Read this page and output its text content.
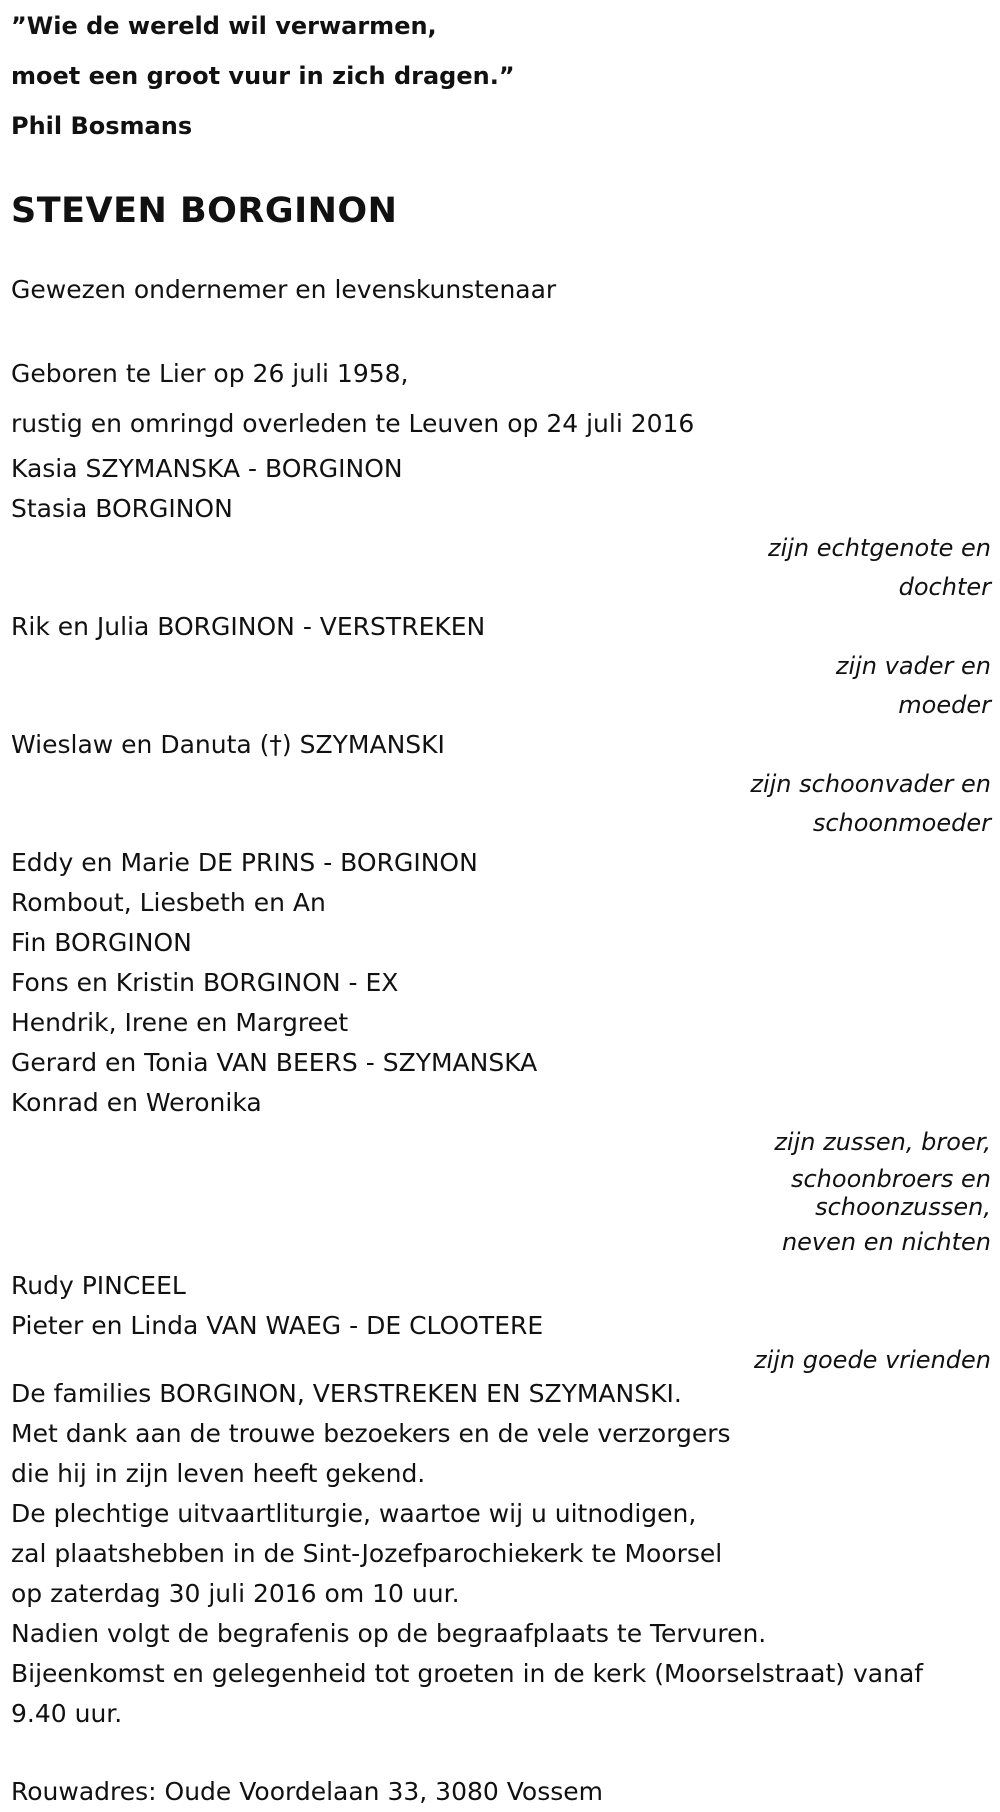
”Wie de wereld wil verwarmen,
moet een groot vuur in zich dragen.”
Phil Bosmans
STEVEN BORGINON
Gewezen ondernemer en levenskunstenaar
Geboren te Lier op 26 juli 1958,
rustig en omringd overleden te Leuven op 24 juli 2016
Kasia SZYMANSKA - BORGINON
Stasia BORGINON
zijn echtgenote en
dochter
Rik en Julia BORGINON - VERSTREKEN
zijn vader en
moeder
Wieslaw en Danuta (†) SZYMANSKI
zijn schoonvader en
schoonmoeder
Eddy en Marie DE PRINS - BORGINON
Rombout, Liesbeth en An
Fin BORGINON
Fons en Kristin BORGINON - EX
Hendrik, Irene en Margreet
Gerard en Tonia VAN BEERS - SZYMANSKA
Konrad en Weronika
zijn zussen, broer,
schoonbroers en
schoonzussen,
neven en nichten
Rudy PINCEEL
Pieter en Linda VAN WAEG - DE CLOOTERE
zijn goede vrienden
De families BORGINON, VERSTREKEN EN SZYMANSKI.
Met dank aan de trouwe bezoekers en de vele verzorgers
die hij in zijn leven heeft gekend.
De plechtige uitvaartliturgie, waartoe wij u uitnodigen,
zal plaatshebben in de Sint-Jozefparochiekerk te Moorsel
op zaterdag 30 juli 2016 om 10 uur.
Nadien volgt de begrafenis op de begraafplaats te Tervuren.
Bijeenkomst en gelegenheid tot groeten in de kerk (Moorselstraat) vanaf
9.40 uur.
Rouwadres: Oude Voordelaan 33, 3080 Vossem
